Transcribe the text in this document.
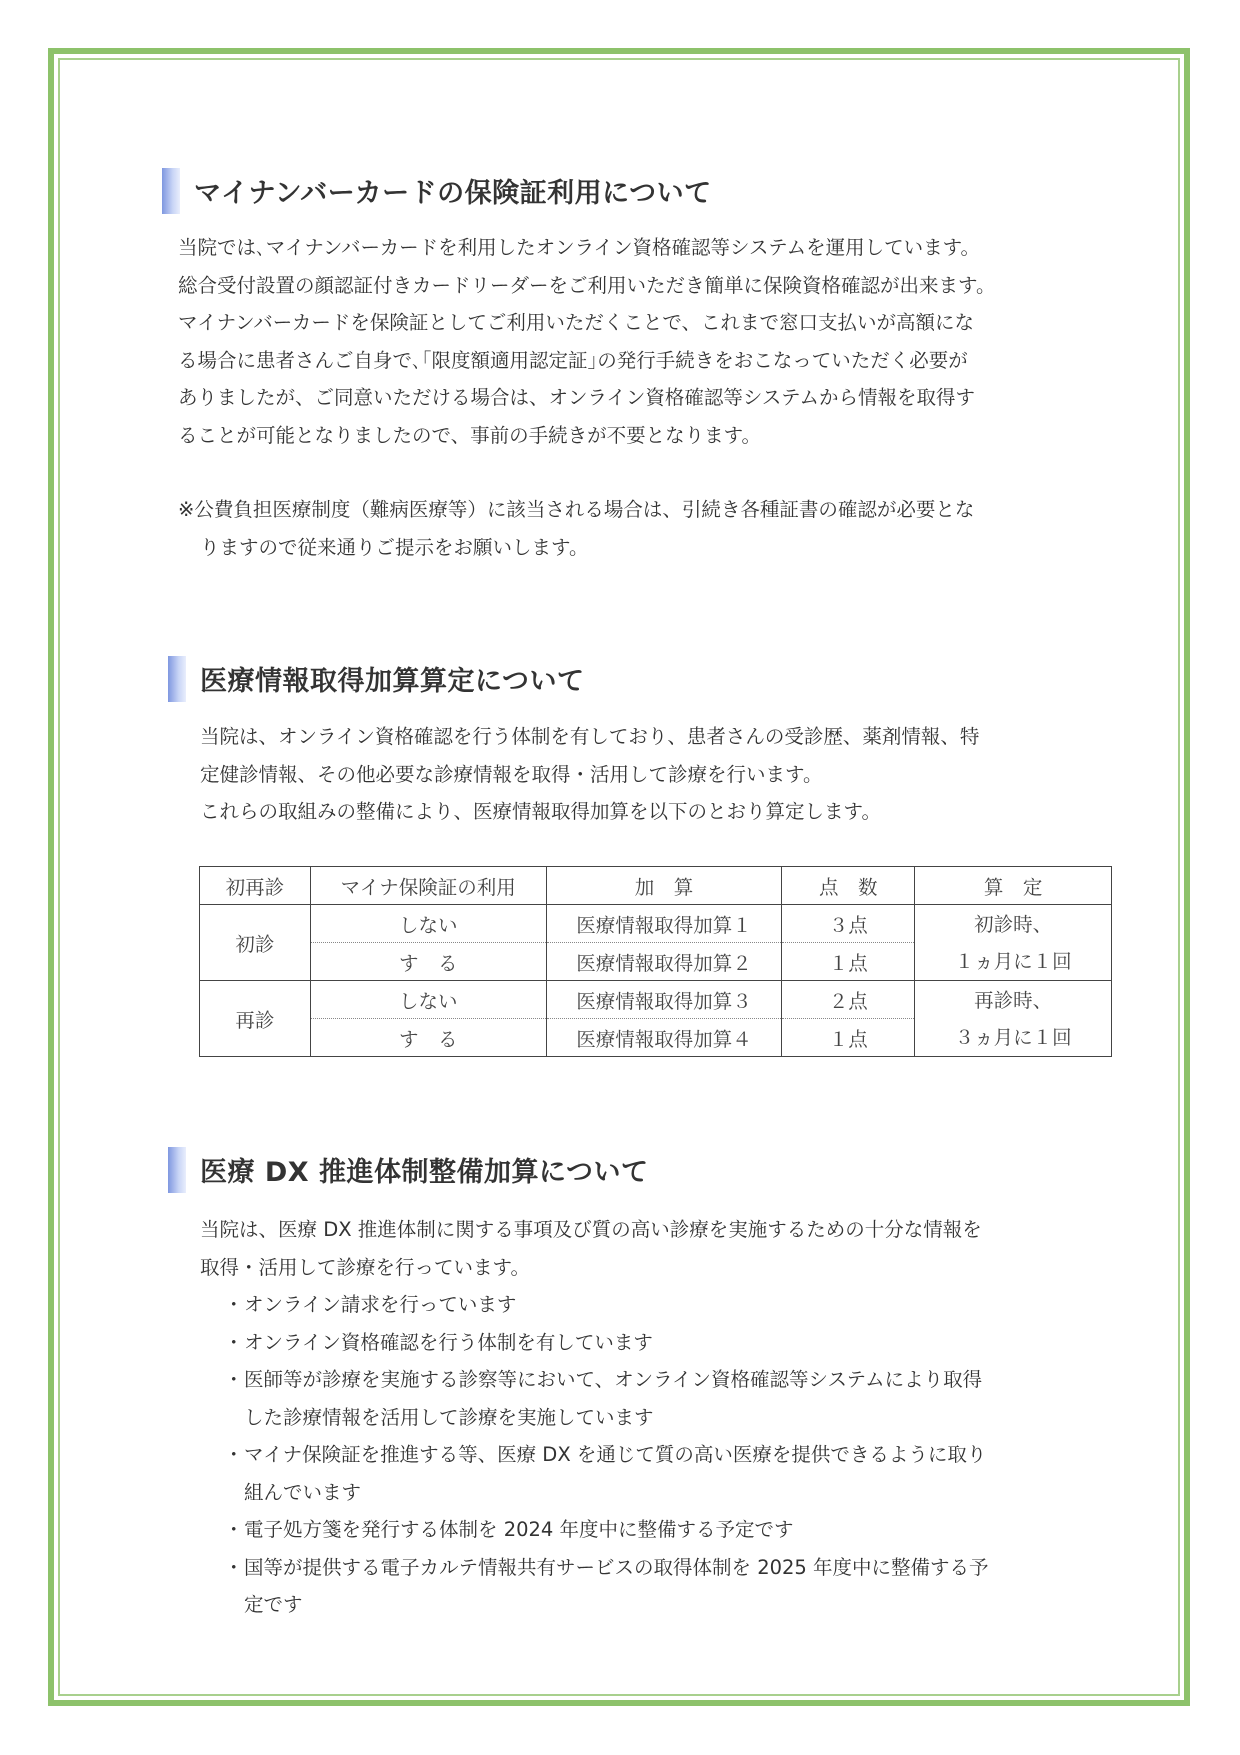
マイナンバーカードの保険証利用について
当院では､マイナンバーカードを利用したオンライン資格確認等システムを運用しています。
総合受付設置の顔認証付きカードリーダーをご利用いただき簡単に保険資格確認が出来ます。
マイナンバーカードを保険証としてご利用いただくことで、これまで窓口支払いが高額にな
る場合に患者さんご自身で､｢限度額適用認定証｣の発行手続きをおこなっていただく必要が
ありましたが、ご同意いただける場合は、オンライン資格確認等システムから情報を取得す
ることが可能となりましたので、事前の手続きが不要となります。
※公費負担医療制度（難病医療等）に該当される場合は、引続き各種証書の確認が必要とな
りますので従来通りご提示をお願いします。
医療情報取得加算算定について
当院は、オンライン資格確認を行う体制を有しており、患者さんの受診歴、薬剤情報、特
定健診情報、その他必要な診療情報を取得・活用して診療を行います。
これらの取組みの整備により、医療情報取得加算を以下のとおり算定します。
初再診	マイナ保険証の利用	加　算	点　数	算　定
初診	しない	医療情報取得加算１	３点	初診時、
１ヵ月に１回

	す　る	医療情報取得加算２	１点	
再診	しない	医療情報取得加算３	２点	再診時、
３ヵ月に１回

	す　る	医療情報取得加算４	１点	
医療 DX 推進体制整備加算について
当院は、医療 DX 推進体制に関する事項及び質の高い診療を実施するための十分な情報を
取得・活用して診療を行っています。
・ オンライン請求を行っています
・ オンライン資格確認を行う体制を有しています
・ 医師等が診療を実施する診察等において、オンライン資格確認等システムにより取得
した診療情報を活用して診療を実施しています
・ マイナ保険証を推進する等、医療 DX を通じて質の高い医療を提供できるように取り
組んでいます
・ 電子処方箋を発行する体制を 2024 年度中に整備する予定です
・ 国等が提供する電子カルテ情報共有サービスの取得体制を 2025 年度中に整備する予
定です
